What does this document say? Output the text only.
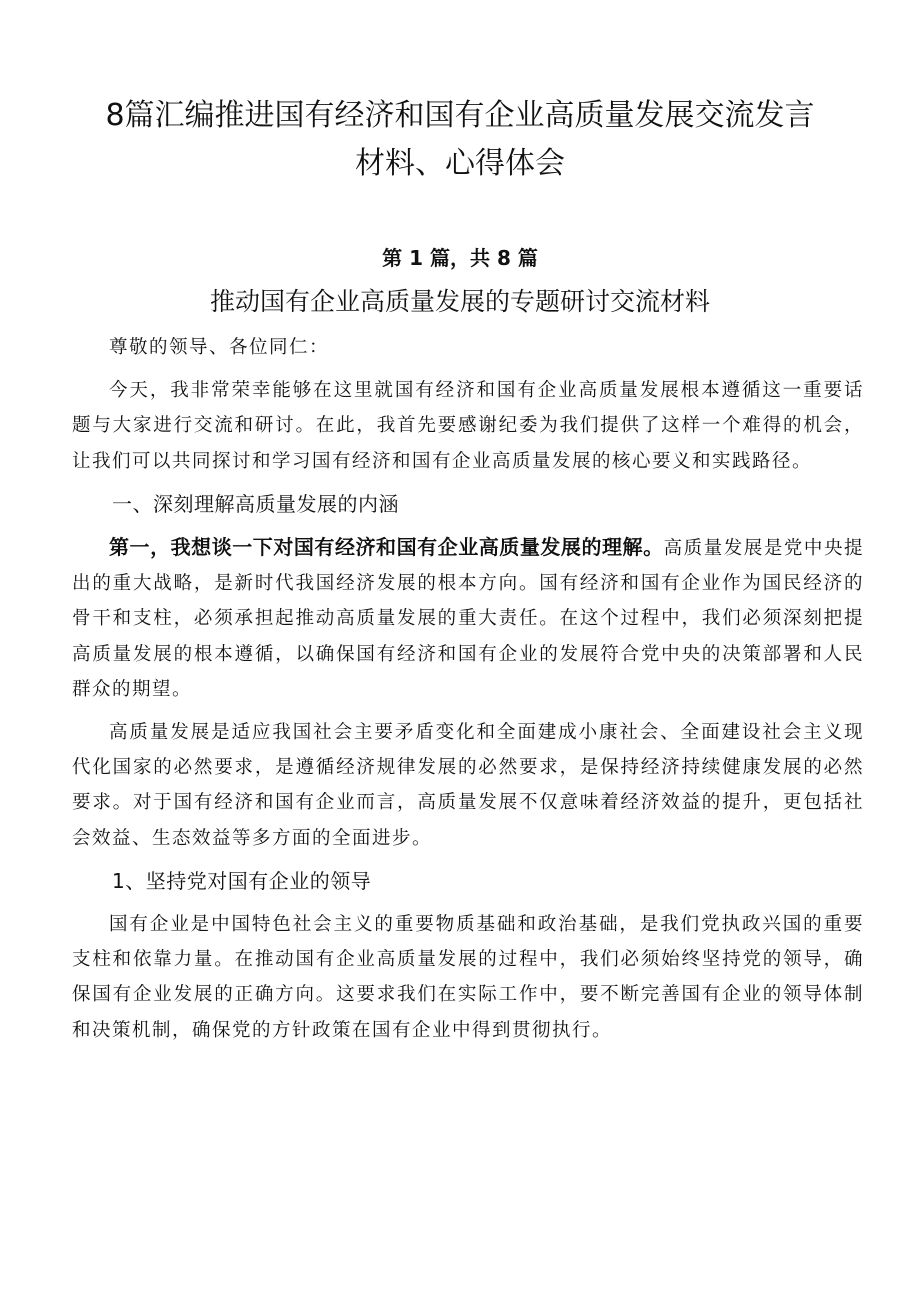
8篇汇编推进国有经济和国有企业高质量发展交流发言
材料、心得体会
第 1 篇，共 8 篇
推动国有企业高质量发展的专题研讨交流材料

尊敬的领导、各位同仁：

今天，我非常荣幸能够在这里就国有经济和国有企业高质量发展根本遵循这一重要话题与大家进行交流和研讨。在此，我首先要感谢纪委为我们提供了这样一个难得的机会，让我们可以共同探讨和学习国有经济和国有企业高质量发展的核心要义和实践路径。

一、深刻理解高质量发展的内涵

第一，我想谈一下对国有经济和国有企业高质量发展的理解。高质量发展是党中央提出的重大战略，是新时代我国经济发展的根本方向。国有经济和国有企业作为国民经济的骨干和支柱，必须承担起推动高质量发展的重大责任。在这个过程中，我们必须深刻把提高质量发展的根本遵循，以确保国有经济和国有企业的发展符合党中央的决策部署和人民群众的期望。

高质量发展是适应我国社会主要矛盾变化和全面建成小康社会、全面建设社会主义现代化国家的必然要求，是遵循经济规律发展的必然要求，是保持经济持续健康发展的必然要求。对于国有经济和国有企业而言，高质量发展不仅意味着经济效益的提升，更包括社会效益、生态效益等多方面的全面进步。

1、坚持党对国有企业的领导

国有企业是中国特色社会主义的重要物质基础和政治基础，是我们党执政兴国的重要支柱和依靠力量。在推动国有企业高质量发展的过程中，我们必须始终坚持党的领导，确保国有企业发展的正确方向。这要求我们在实际工作中，要不断完善国有企业的领导体制和决策机制，确保党的方针政策在国有企业中得到贯彻执行。
